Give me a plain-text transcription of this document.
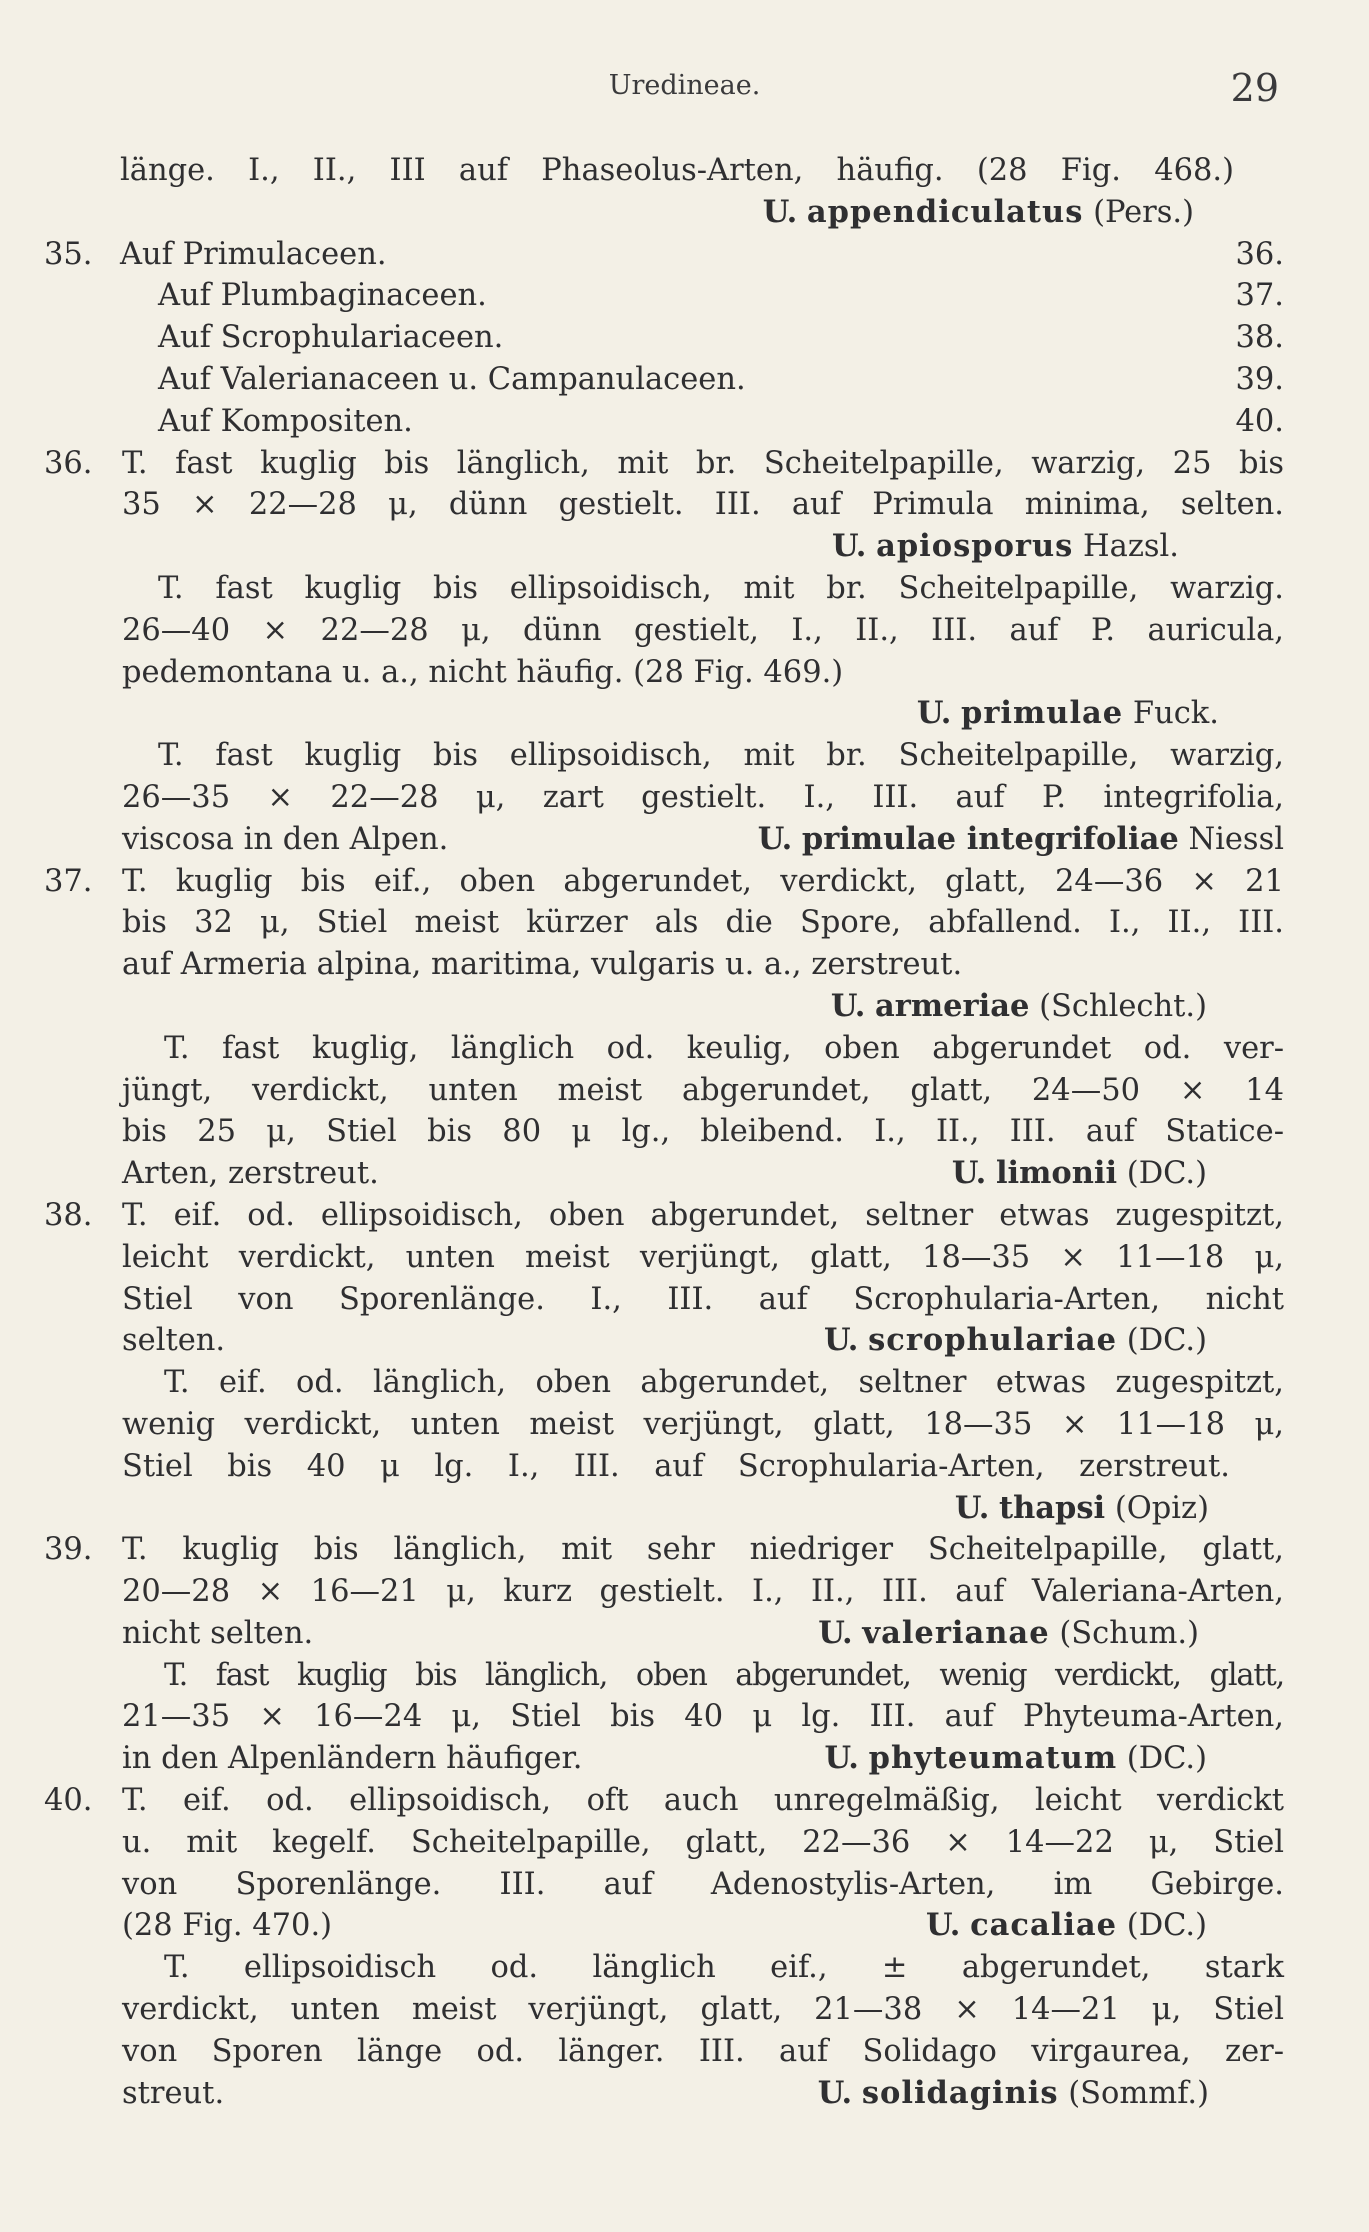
Uredineae.	29
länge. I., II., III auf Phaseolus-Arten, häufig. (28 Fig. 468.)
U. appendiculatus (Pers.)
35. Auf Primulaceen.	36.
Auf Plumbaginaceen.	37.
Auf Scrophulariaceen.	38.
Auf Valerianaceen u. Campanulaceen.	39.
Auf Kompositen.	40.
36. T. fast kuglig bis länglich, mit br. Scheitelpapille, warzig, 25 bis
35 × 22—28 μ, dünn gestielt. III. auf Primula minima, selten.
U. apiosporus Hazsl.
T. fast kuglig bis ellipsoidisch, mit br. Scheitelpapille, warzig.
26—40 × 22—28 μ, dünn gestielt, I., II., III. auf P. auricula,
pedemontana u. a., nicht häufig. (28 Fig. 469.)
U. primulae Fuck.
T. fast kuglig bis ellipsoidisch, mit br. Scheitelpapille, warzig,
26—35 × 22—28 μ, zart gestielt. I., III. auf P. integrifolia,
viscosa in den Alpen.	U. primulae integrifoliae Niessl
37. T. kuglig bis eif., oben abgerundet, verdickt, glatt, 24—36 × 21
bis 32 μ, Stiel meist kürzer als die Spore, abfallend. I., II., III.
auf Armeria alpina, maritima, vulgaris u. a., zerstreut.
U. armeriae (Schlecht.)
T. fast kuglig, länglich od. keulig, oben abgerundet od. ver-
jüngt, verdickt, unten meist abgerundet, glatt, 24—50 × 14
bis 25 μ, Stiel bis 80 μ lg., bleibend. I., II., III. auf Statice-
Arten, zerstreut.	U. limonii (DC.)
38. T. eif. od. ellipsoidisch, oben abgerundet, seltner etwas zugespitzt,
leicht verdickt, unten meist verjüngt, glatt, 18—35 × 11—18 μ,
Stiel von Sporenlänge. I., III. auf Scrophularia-Arten, nicht
selten.	U. scrophulariae (DC.)
T. eif. od. länglich, oben abgerundet, seltner etwas zugespitzt,
wenig verdickt, unten meist verjüngt, glatt, 18—35 × 11—18 μ,
Stiel bis 40 μ lg. I., III. auf Scrophularia-Arten, zerstreut.
U. thapsi (Opiz)
39. T. kuglig bis länglich, mit sehr niedriger Scheitelpapille, glatt,
20—28 × 16—21 μ, kurz gestielt. I., II., III. auf Valeriana-Arten,
nicht selten.	U. valerianae (Schum.)
T. fast kuglig bis länglich, oben abgerundet, wenig verdickt, glatt,
21—35 × 16—24 μ, Stiel bis 40 μ lg. III. auf Phyteuma-Arten,
in den Alpenländern häufiger.	U. phyteumatum (DC.)
40. T. eif. od. ellipsoidisch, oft auch unregelmäßig, leicht verdickt
u. mit kegelf. Scheitelpapille, glatt, 22—36 × 14—22 μ, Stiel
von Sporenlänge. III. auf Adenostylis-Arten, im Gebirge.
(28 Fig. 470.)	U. cacaliae (DC.)
T. ellipsoidisch od. länglich eif., ± abgerundet, stark
verdickt, unten meist verjüngt, glatt, 21—38 × 14—21 μ, Stiel
von Sporen länge od. länger. III. auf Solidago virgaurea, zer-
streut.	U. solidaginis (Sommf.)
